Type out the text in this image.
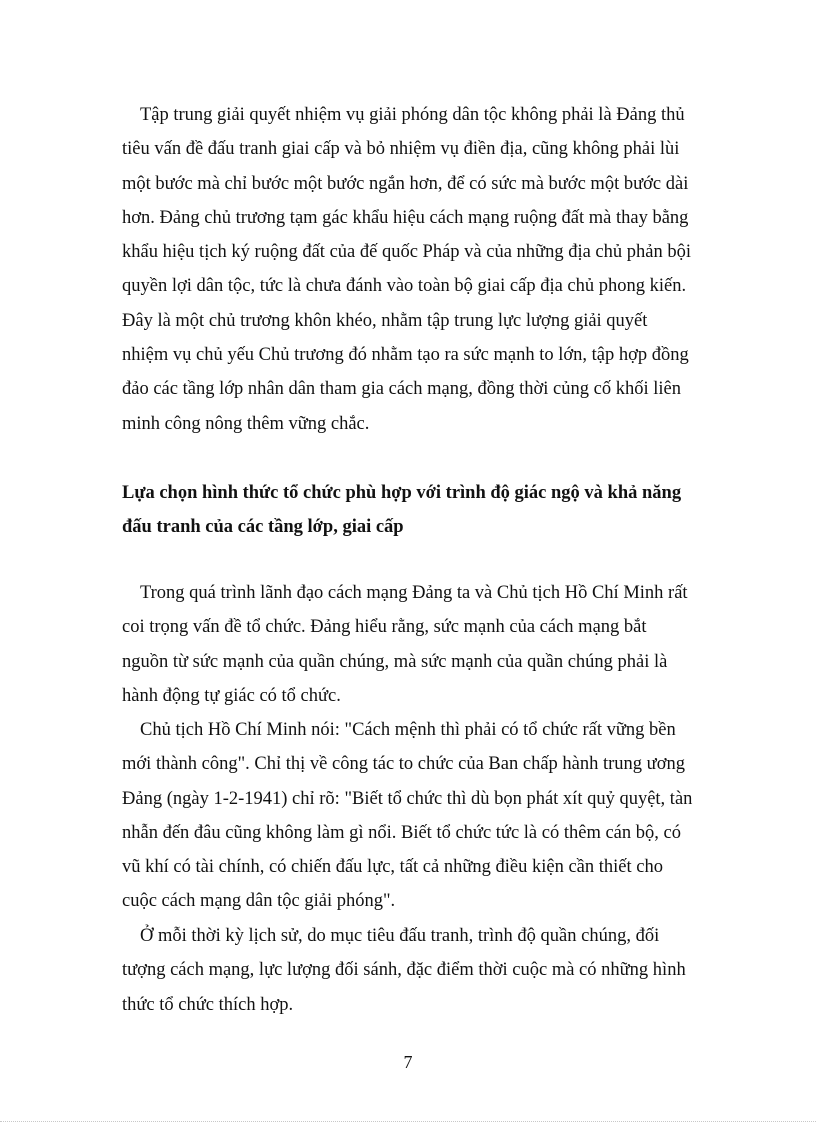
Tập trung giải quyết nhiệm vụ giải phóng dân tộc không phải là Đảng thủ
tiêu vấn đề đấu tranh giai cấp và bỏ nhiệm vụ điền địa, cũng không phải lùi
một bước mà chỉ bước một bước ngắn hơn, để có sức mà bước một bước dài
hơn. Đảng chủ trương tạm gác khẩu hiệu cách mạng ruộng đất mà thay bằng
khẩu hiệu tịch ký ruộng đất của đế quốc Pháp và của những địa chủ phản bội
quyền lợi dân tộc, tức là chưa đánh vào toàn bộ giai cấp địa chủ phong kiến.
Đây là một chủ trương khôn khéo, nhằm tập trung lực lượng giải quyết
nhiệm vụ chủ yếu Chủ trương đó nhằm tạo ra sức mạnh to lớn, tập hợp đồng
đảo các tầng lớp nhân dân tham gia cách mạng, đồng thời củng cố khối liên
minh công nông thêm vững chắc.
Lựa chọn hình thức tổ chức phù hợp với trình độ giác ngộ và khả năng
đấu tranh của các tầng lớp, giai cấp
Trong quá trình lãnh đạo cách mạng Đảng ta và Chủ tịch Hồ Chí Minh rất
coi trọng vấn đề tổ chức. Đảng hiểu rằng, sức mạnh của cách mạng bắt
nguồn từ sức mạnh của quần chúng, mà sức mạnh của quần chúng phải là
hành động tự giác có tổ chức.
Chủ tịch Hồ Chí Minh nói: "Cách mệnh thì phải có tổ chức rất vững bền
mới thành công". Chỉ thị về công tác to chức của Ban chấp hành trung ương
Đảng (ngày 1-2-1941) chỉ rõ: "Biết tổ chức thì dù bọn phát xít quỷ quyệt, tàn
nhẫn đến đâu cũng không làm gì nổi. Biết tổ chức tức là có thêm cán bộ, có
vũ khí có tài chính, có chiến đấu lực, tất cả những điều kiện cần thiết cho
cuộc cách mạng dân tộc giải phóng".
Ở mỗi thời kỳ lịch sử, do mục tiêu đấu tranh, trình độ quần chúng, đối
tượng cách mạng, lực lượng đối sánh, đặc điểm thời cuộc mà có những hình
thức tổ chức thích hợp.
7
